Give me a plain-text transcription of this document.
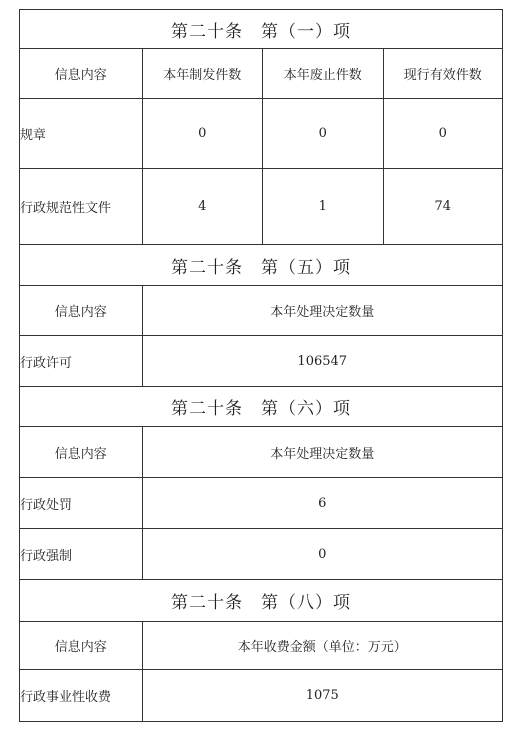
第二十条　第（一）项
信息内容	本年制发件数	本年废止件数	现行有效件数
规章	0	0	0
行政规范性文件	4	1	74
第二十条　第（五）项
信息内容	本年处理决定数量
行政许可	106547
第二十条　第（六）项
信息内容	本年处理决定数量
行政处罚	6
行政强制	0
第二十条　第（八）项
信息内容	本年收费金额（单位：万元）
行政事业性收费	1075
